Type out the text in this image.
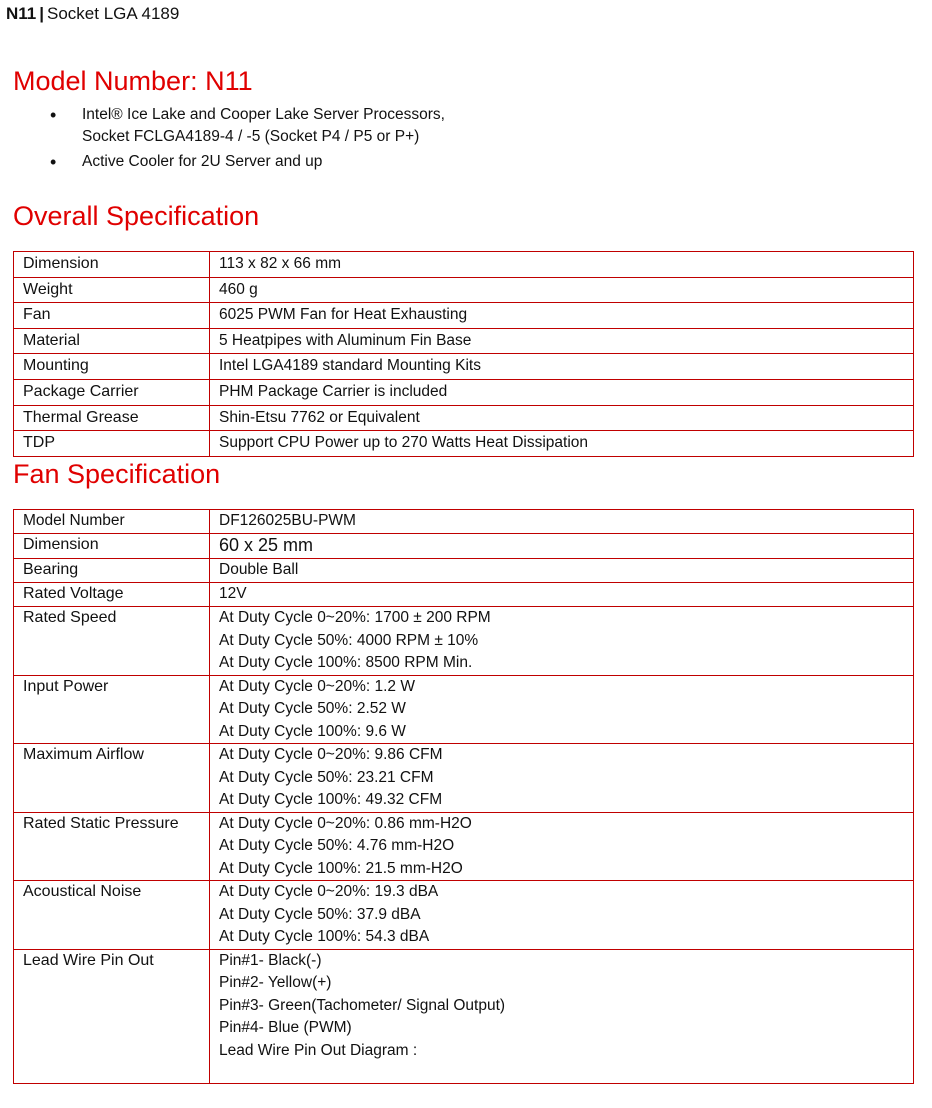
N11 | Socket LGA 4189
Model Number: N11
• Intel® Ice Lake and Cooper Lake Server Processors,
Socket FCLGA4189-4 / -5 (Socket P4 / P5 or P+)
• Active Cooler for 2U Server and up
Overall Specification
Dimension	113 x 82 x 66 mm
Weight	460 g
Fan	6025 PWM Fan for Heat Exhausting
Material	5 Heatpipes with Aluminum Fin Base
Mounting	Intel LGA4189 standard Mounting Kits
Package Carrier	PHM Package Carrier is included
Thermal Grease	Shin-Etsu 7762 or Equivalent
TDP	Support CPU Power up to 270 Watts Heat Dissipation
Fan Specification
Model Number	DF126025BU-PWM
Dimension	60 x 25 mm
Bearing	Double Ball
Rated Voltage	12V
Rated Speed	At Duty Cycle 0~20%: 1700 ± 200 RPM
At Duty Cycle 50%: 4000 RPM ± 10%
At Duty Cycle 100%: 8500 RPM Min.

Input Power	At Duty Cycle 0~20%: 1.2 W
At Duty Cycle 50%: 2.52 W
At Duty Cycle 100%: 9.6 W

Maximum Airflow	At Duty Cycle 0~20%: 9.86 CFM
At Duty Cycle 50%: 23.21 CFM
At Duty Cycle 100%: 49.32 CFM

Rated Static Pressure	At Duty Cycle 0~20%: 0.86 mm-H2O
At Duty Cycle 50%: 4.76 mm-H2O
At Duty Cycle 100%: 21.5 mm-H2O

Acoustical Noise	At Duty Cycle 0~20%: 19.3 dBA
At Duty Cycle 50%: 37.9 dBA
At Duty Cycle 100%: 54.3 dBA

Lead Wire Pin Out	Pin#1- Black(-)
Pin#2- Yellow(+)
Pin#3- Green(Tachometer/ Signal Output)
Pin#4- Blue (PWM)
Lead Wire Pin Out Diagram :
